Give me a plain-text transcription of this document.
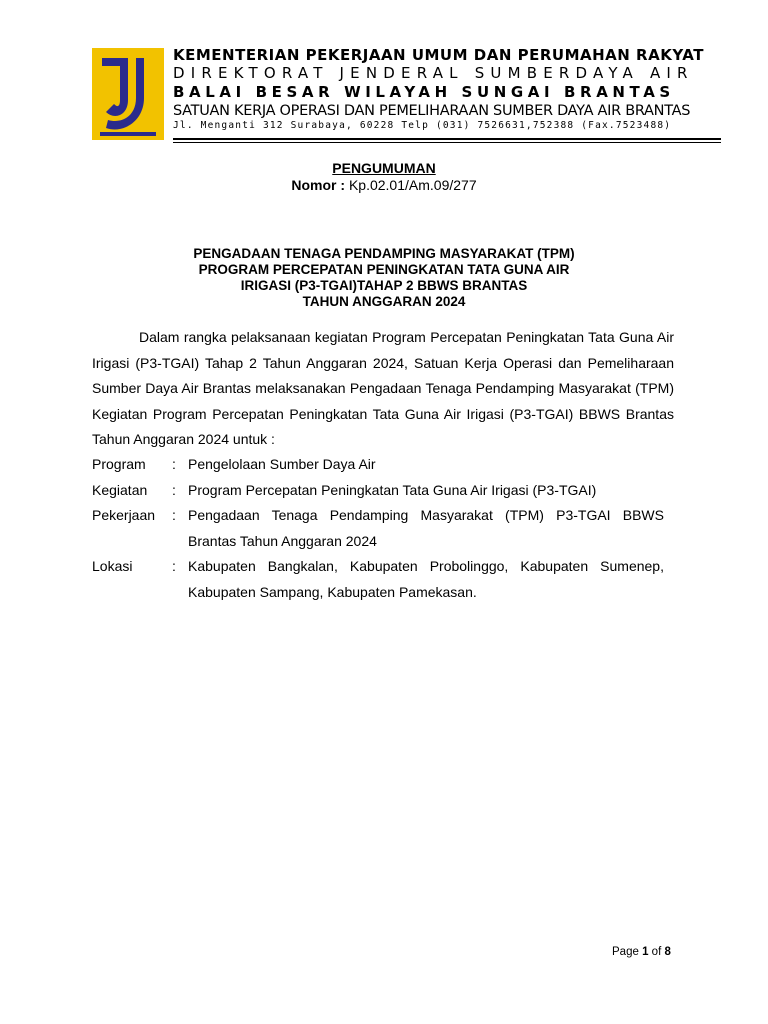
KEMENTERIAN PEKERJAAN UMUM DAN PERUMAHAN RAKYAT
DIREKTORAT JENDERAL SUMBERDAYA AIR
BALAI BESAR WILAYAH SUNGAI BRANTAS
SATUAN KERJA OPERASI DAN PEMELIHARAAN SUMBER DAYA AIR BRANTAS
Jl. Menganti 312 Surabaya, 60228 Telp (031) 7526631,752388 (Fax.7523488)
PENGUMUMAN
Nomor : Kp.02.01/Am.09/277
PENGADAAN TENAGA PENDAMPING MASYARAKAT (TPM)
PROGRAM PERCEPATAN PENINGKATAN TATA GUNA AIR
IRIGASI (P3-TGAI)TAHAP 2 BBWS BRANTAS
TAHUN ANGGARAN 2024

Dalam rangka pelaksanaan kegiatan Program Percepatan Peningkatan Tata Guna Air Irigasi (P3-TGAI) Tahap 2 Tahun Anggaran 2024, Satuan Kerja Operasi dan Pemeliharaan Sumber Daya Air Brantas melaksanakan Pengadaan Tenaga Pendamping Masyarakat (TPM) Kegiatan Program Percepatan Peningkatan Tata Guna Air Irigasi (P3-TGAI) BBWS Brantas Tahun Anggaran 2024 untuk :

Program	: Pengelolaan Sumber Daya Air
Kegiatan	: Program Percepatan Peningkatan Tata Guna Air Irigasi (P3-TGAI)
Pekerjaan	: Pengadaan Tenaga Pendamping Masyarakat (TPM) P3-TGAI BBWS Brantas Tahun Anggaran 2024
Lokasi	: Kabupaten Bangkalan, Kabupaten Probolinggo, Kabupaten Sumenep, Kabupaten Sampang, Kabupaten Pamekasan.
Page 1 of 8
